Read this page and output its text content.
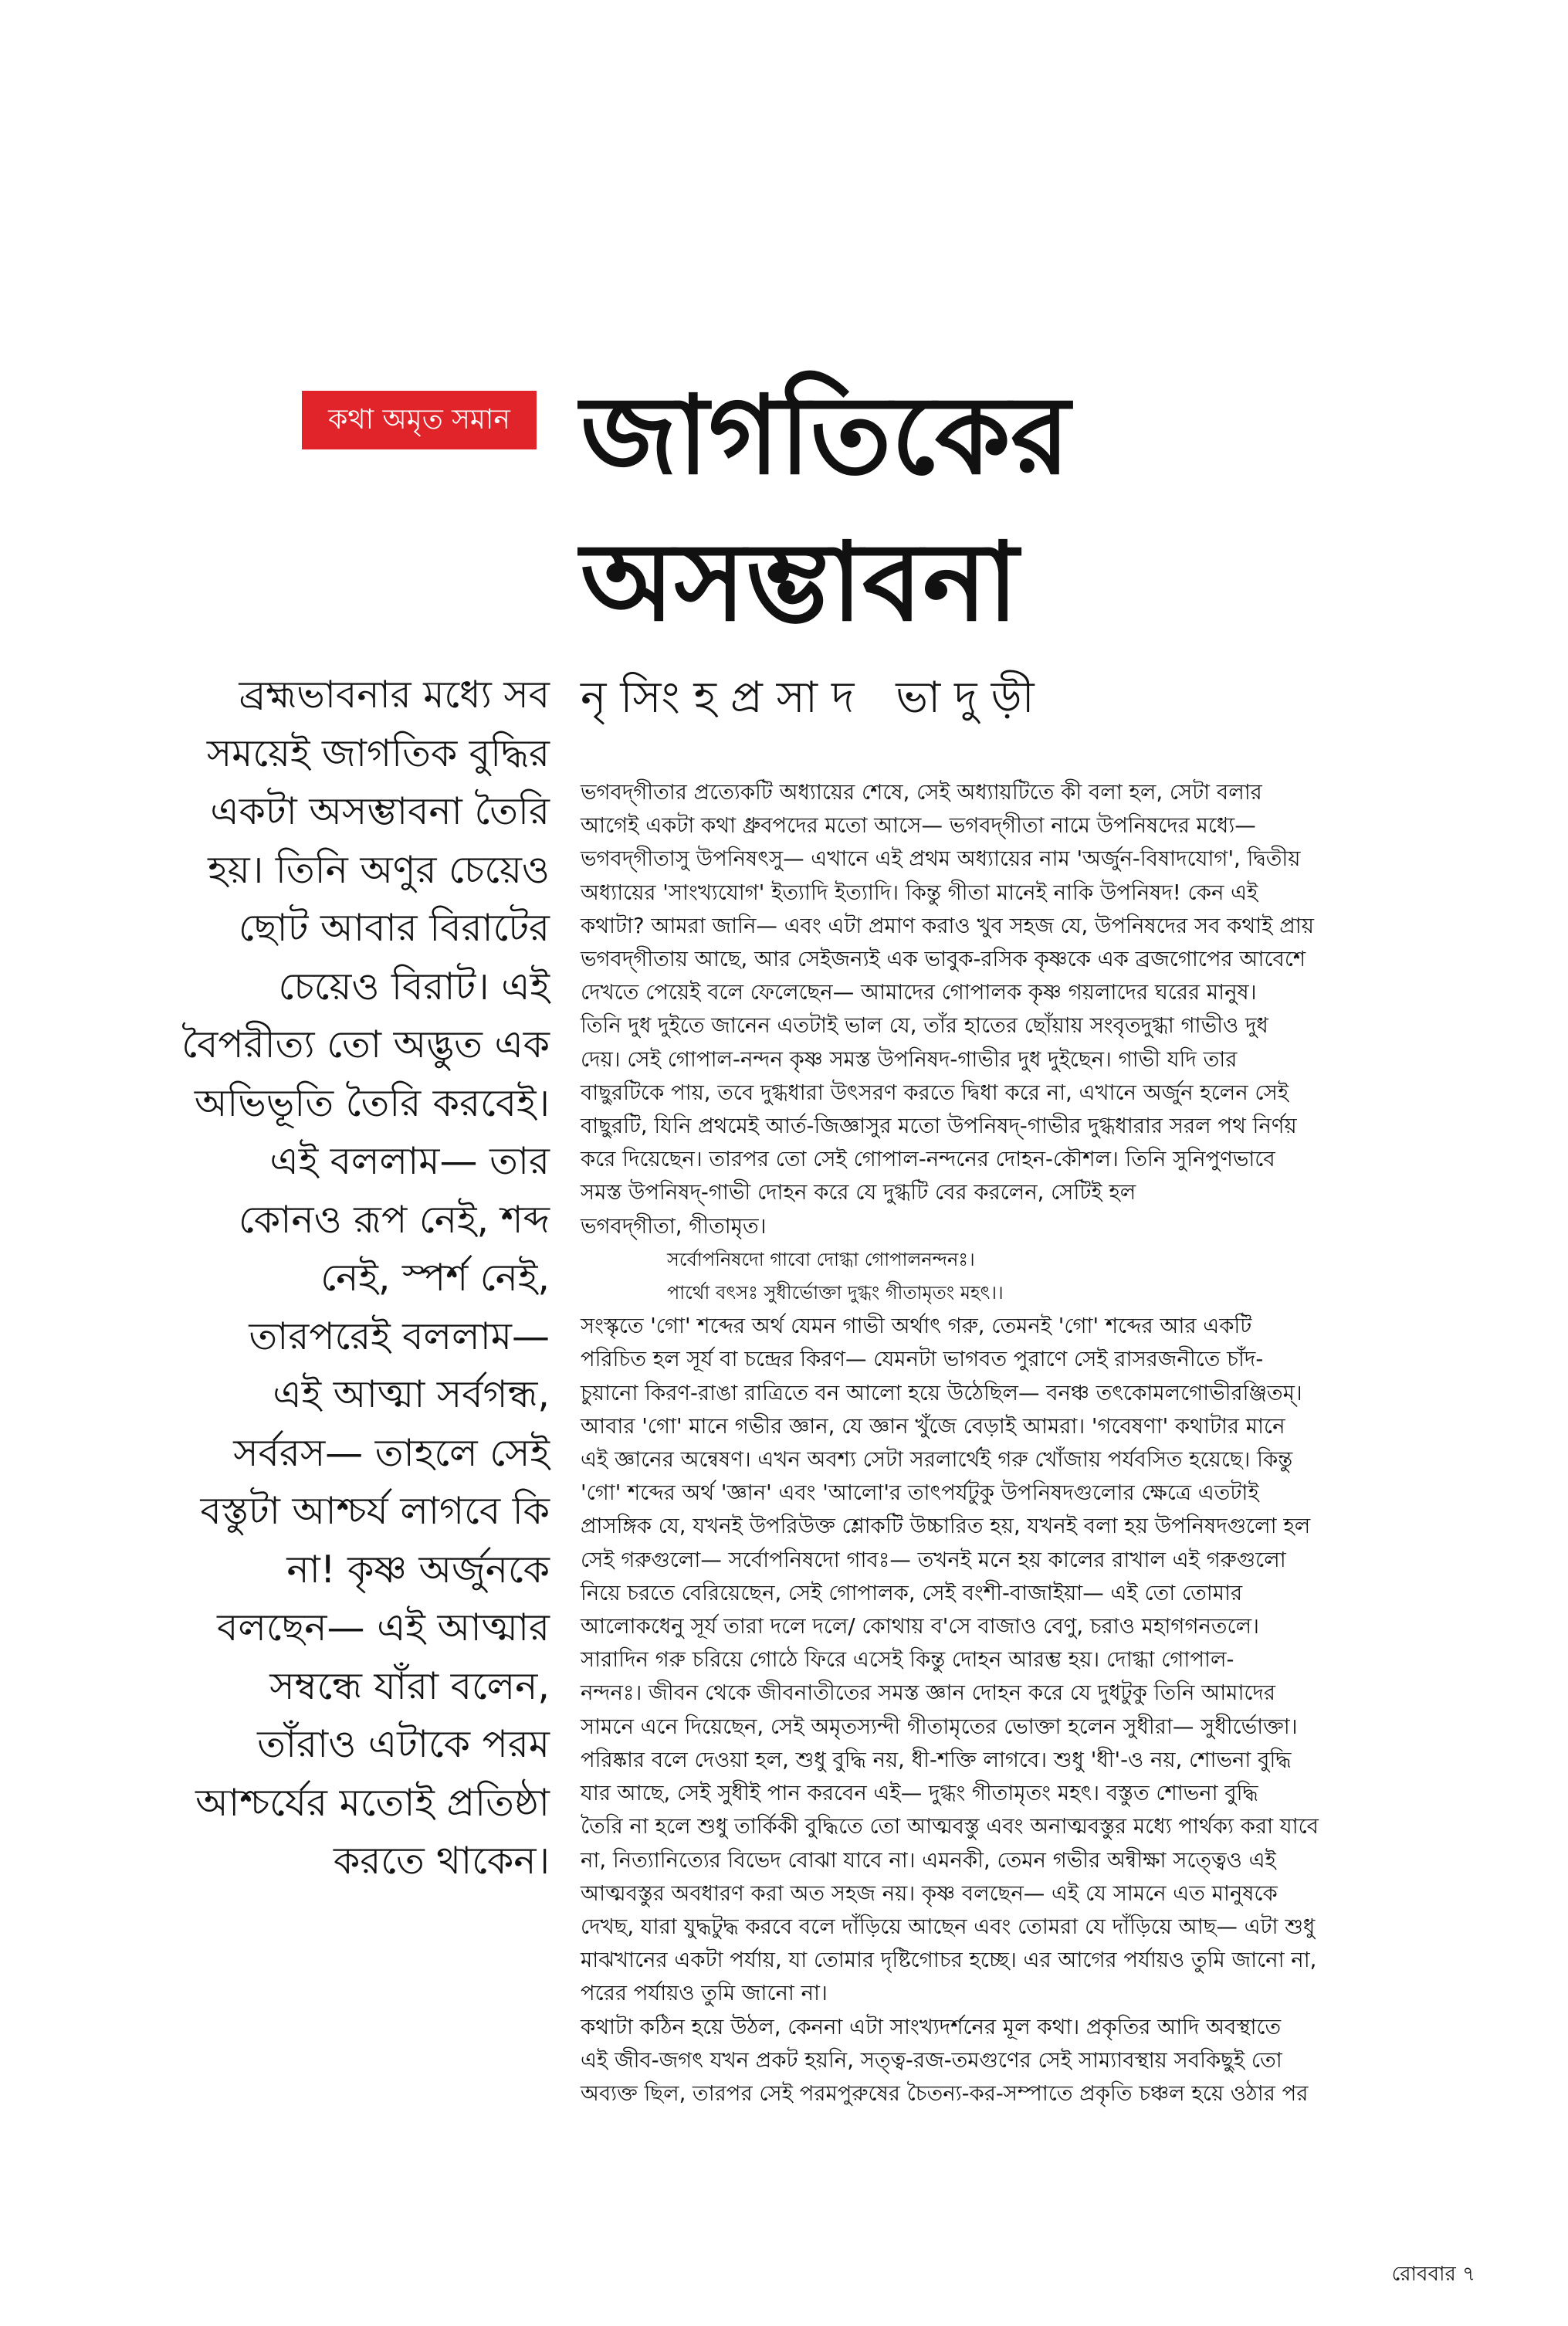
কথা অমৃত সমান জাগতিকের
অসম্ভাবনা
নৃসিংহপ্রসাদ ভাদুড়ী

ব্রহ্মভাবনার মধ্যে সব
সময়েই জাগতিক বুদ্ধির
একটা অসম্ভাবনা তৈরি
হয়। তিনি অণুর চেয়েও
ছোট আবার বিরাটের
চেয়েও বিরাট। এই
বৈপরীত্য তো অদ্ভুত এক
অভিভূতি তৈরি করবেই।
এই বললাম— তার
কোনও রূপ নেই, শব্দ
নেই, স্পর্শ নেই,
তারপরেই বললাম—
এই আত্মা সর্বগন্ধ,
সর্বরস— তাহলে সেই
বস্তুটা আশ্চর্য লাগবে কি
না! কৃষ্ণ অর্জুনকে
বলছেন— এই আত্মার
সম্বন্ধে যাঁরা বলেন,
তাঁরাও এটাকে পরম
আশ্চর্যের মতোই প্রতিষ্ঠা
করতে থাকেন।

ভগবদ্‌গীতার প্রত্যেকটি অধ্যায়ের শেষে, সেই অধ্যায়টিতে কী বলা হল, সেটা বলার
আগেই একটা কথা ধ্রুবপদের মতো আসে— ভগবদ্‌গীতা নামে উপনিষদের মধ্যে—
ভগবদ্‌গীতাসু উপনিষৎসু— এখানে এই প্রথম অধ্যায়ের নাম 'অর্জুন-বিষাদযোগ', দ্বিতীয়
অধ্যায়ের 'সাংখ্যযোগ' ইত্যাদি ইত্যাদি। কিন্তু গীতা মানেই নাকি উপনিষদ! কেন এই
কথাটা? আমরা জানি— এবং এটা প্রমাণ করাও খুব সহজ যে, উপনিষদের সব কথাই প্রায়
ভগবদ্‌গীতায় আছে, আর সেইজন্যই এক ভাবুক-রসিক কৃষ্ণকে এক ব্রজগোপের আবেশে
দেখতে পেয়েই বলে ফেলেছেন— আমাদের গোপালক কৃষ্ণ গয়লাদের ঘরের মানুষ।
তিনি দুধ দুইতে জানেন এতটাই ভাল যে, তাঁর হাতের ছোঁয়ায় সংবৃতদুগ্ধা গাভীও দুধ
দেয়। সেই গোপাল-নন্দন কৃষ্ণ সমস্ত উপনিষদ-গাভীর দুধ দুইছেন। গাভী যদি তার
বাছুরটিকে পায়, তবে দুগ্ধধারা উৎসরণ করতে দ্বিধা করে না, এখানে অর্জুন হলেন সেই
বাছুরটি, যিনি প্রথমেই আর্ত-জিজ্ঞাসুর মতো উপনিষদ্-গাভীর দুগ্ধধারার সরল পথ নির্ণয়
করে দিয়েছেন। তারপর তো সেই গোপাল-নন্দনের দোহন-কৌশল। তিনি সুনিপুণভাবে
সমস্ত উপনিষদ্-গাভী দোহন করে যে দুগ্ধটি বের করলেন, সেটিই হল
ভগবদ্‌গীতা, গীতামৃত।
সর্বোপনিষদো গাবো দোগ্ধা গোপালনন্দনঃ।
পার্থো বৎসঃ সুধীর্ভোক্তা দুগ্ধং গীতামৃতং মহৎ।।
সংস্কৃতে 'গো' শব্দের অর্থ যেমন গাভী অর্থাৎ গরু, তেমনই 'গো' শব্দের আর একটি
পরিচিত হল সূর্য বা চন্দ্রের কিরণ— যেমনটা ভাগবত পুরাণে সেই রাসরজনীতে চাঁদ-
চুয়ানো কিরণ-রাঙা রাত্রিতে বন আলো হয়ে উঠেছিল— বনঞ্চ তৎকোমলগোভীরঞ্জিতম্।
আবার 'গো' মানে গভীর জ্ঞান, যে জ্ঞান খুঁজে বেড়াই আমরা। 'গবেষণা' কথাটার মানে
এই জ্ঞানের অন্বেষণ। এখন অবশ্য সেটা সরলার্থেই গরু খোঁজায় পর্যবসিত হয়েছে। কিন্তু
'গো' শব্দের অর্থ 'জ্ঞান' এবং 'আলো'র তাৎপর্যটুকু উপনিষদগুলোর ক্ষেত্রে এতটাই
প্রাসঙ্গিক যে, যখনই উপরিউক্ত শ্লোকটি উচ্চারিত হয়, যখনই বলা হয় উপনিষদগুলো হল
সেই গরুগুলো— সর্বোপনিষদো গাবঃ— তখনই মনে হয় কালের রাখাল এই গরুগুলো
নিয়ে চরতে বেরিয়েছেন, সেই গোপালক, সেই বংশী-বাজাইয়া— এই তো তোমার
আলোকধেনু সূর্য তারা দলে দলে/ কোথায় ব'সে বাজাও বেণু, চরাও মহাগগনতলে।
সারাদিন গরু চরিয়ে গোঠে ফিরে এসেই কিন্তু দোহন আরম্ভ হয়। দোগ্ধা গোপাল-
নন্দনঃ। জীবন থেকে জীবনাতীতের সমস্ত জ্ঞান দোহন করে যে দুধটুকু তিনি আমাদের
সামনে এনে দিয়েছেন, সেই অমৃতস্যন্দী গীতামৃতের ভোক্তা হলেন সুধীরা— সুধীর্ভোক্তা।
পরিষ্কার বলে দেওয়া হল, শুধু বুদ্ধি নয়, ধী-শক্তি লাগবে। শুধু 'ধী'-ও নয়, শোভনা বুদ্ধি
যার আছে, সেই সুধীই পান করবেন এই— দুগ্ধং গীতামৃতং মহৎ। বস্তুত শোভনা বুদ্ধি
তৈরি না হলে শুধু তার্কিকী বুদ্ধিতে তো আত্মবস্তু এবং অনাত্মবস্তুর মধ্যে পার্থক্য করা যাবে
না, নিত্যানিত্যের বিভেদ বোঝা যাবে না। এমনকী, তেমন গভীর অন্বীক্ষা সত্ত্বেও এই
আত্মবস্তুর অবধারণ করা অত সহজ নয়। কৃষ্ণ বলছেন— এই যে সামনে এত মানুষকে
দেখছ, যারা যুদ্ধটুদ্ধ করবে বলে দাঁড়িয়ে আছেন এবং তোমরা যে দাঁড়িয়ে আছ— এটা শুধু
মাঝখানের একটা পর্যায়, যা তোমার দৃষ্টিগোচর হচ্ছে। এর আগের পর্যায়ও তুমি জানো না,
পরের পর্যায়ও তুমি জানো না।
কথাটা কঠিন হয়ে উঠল, কেননা এটা সাংখ্যদর্শনের মূল কথা। প্রকৃতির আদি অবস্থাতে
এই জীব-জগৎ যখন প্রকট হয়নি, সত্ত্ব-রজ-তমগুণের সেই সাম্যাবস্থায় সবকিছুই তো
অব্যক্ত ছিল, তারপর সেই পরমপুরুষের চৈতন্য-কর-সম্পাতে প্রকৃতি চঞ্চল হয়ে ওঠার পর
রোববার ৭
